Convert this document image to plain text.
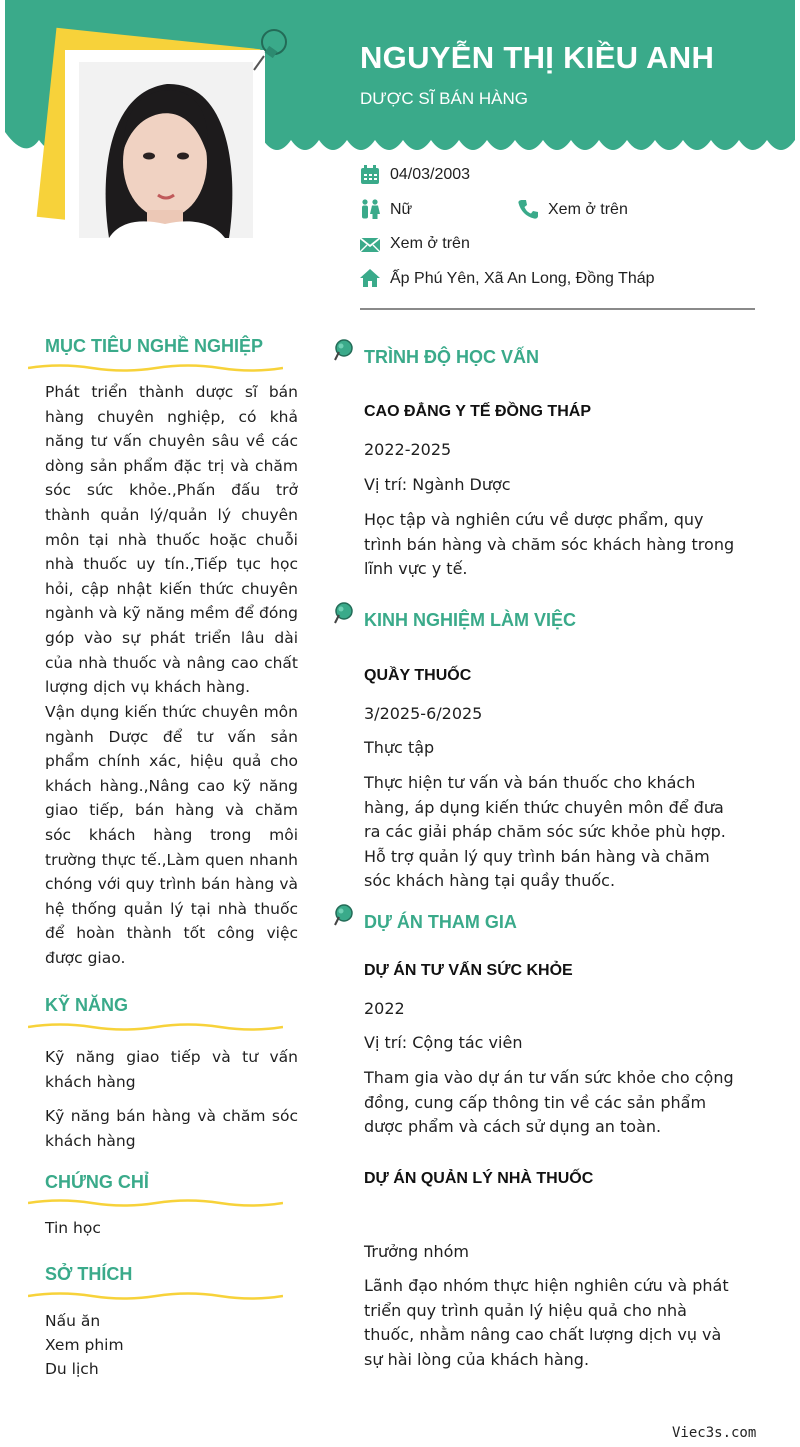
NGUYỄN THỊ KIỀU ANH
DƯỢC SĨ BÁN HÀNG
04/03/2003
Nữ	Xem ở trên
Xem ở trên
Ấp Phú Yên, Xã An Long, Đồng Tháp
MỤC TIÊU NGHỀ NGHIỆP
Phát triển thành dược sĩ bán hàng chuyên nghiệp, có khả năng tư vấn chuyên sâu về các dòng sản phẩm đặc trị và chăm sóc sức khỏe.,Phấn đấu trở thành quản lý/quản lý chuyên môn tại nhà thuốc hoặc chuỗi nhà thuốc uy tín.,Tiếp tục học hỏi, cập nhật kiến thức chuyên ngành và kỹ năng mềm để đóng góp vào sự phát triển lâu dài của nhà thuốc và nâng cao chất lượng dịch vụ khách hàng.
Vận dụng kiến thức chuyên môn ngành Dược để tư vấn sản phẩm chính xác, hiệu quả cho khách hàng.,Nâng cao kỹ năng giao tiếp, bán hàng và chăm sóc khách hàng trong môi trường thực tế.,Làm quen nhanh chóng với quy trình bán hàng và hệ thống quản lý tại nhà thuốc để hoàn thành tốt công việc được giao.
KỸ NĂNG
Kỹ năng giao tiếp và tư vấn khách hàng
Kỹ năng bán hàng và chăm sóc khách hàng
CHỨNG CHỈ
Tin học
SỞ THÍCH
Nấu ăn
Xem phim
Du lịch
TRÌNH ĐỘ HỌC VẤN
CAO ĐẲNG Y TẾ ĐỒNG THÁP
2022-2025
Vị trí: Ngành Dược
Học tập và nghiên cứu về dược phẩm, quy trình bán hàng và chăm sóc khách hàng trong lĩnh vực y tế.
KINH NGHIỆM LÀM VIỆC
QUẦY THUỐC
3/2025-6/2025
Thực tập
Thực hiện tư vấn và bán thuốc cho khách hàng, áp dụng kiến thức chuyên môn để đưa ra các giải pháp chăm sóc sức khỏe phù hợp. Hỗ trợ quản lý quy trình bán hàng và chăm sóc khách hàng tại quầy thuốc.
DỰ ÁN THAM GIA
DỰ ÁN TƯ VẤN SỨC KHỎE
2022
Vị trí: Cộng tác viên
Tham gia vào dự án tư vấn sức khỏe cho cộng đồng, cung cấp thông tin về các sản phẩm dược phẩm và cách sử dụng an toàn.
DỰ ÁN QUẢN LÝ NHÀ THUỐC
Trưởng nhóm
Lãnh đạo nhóm thực hiện nghiên cứu và phát triển quy trình quản lý hiệu quả cho nhà thuốc, nhằm nâng cao chất lượng dịch vụ và sự hài lòng của khách hàng.
Viec3s.com
